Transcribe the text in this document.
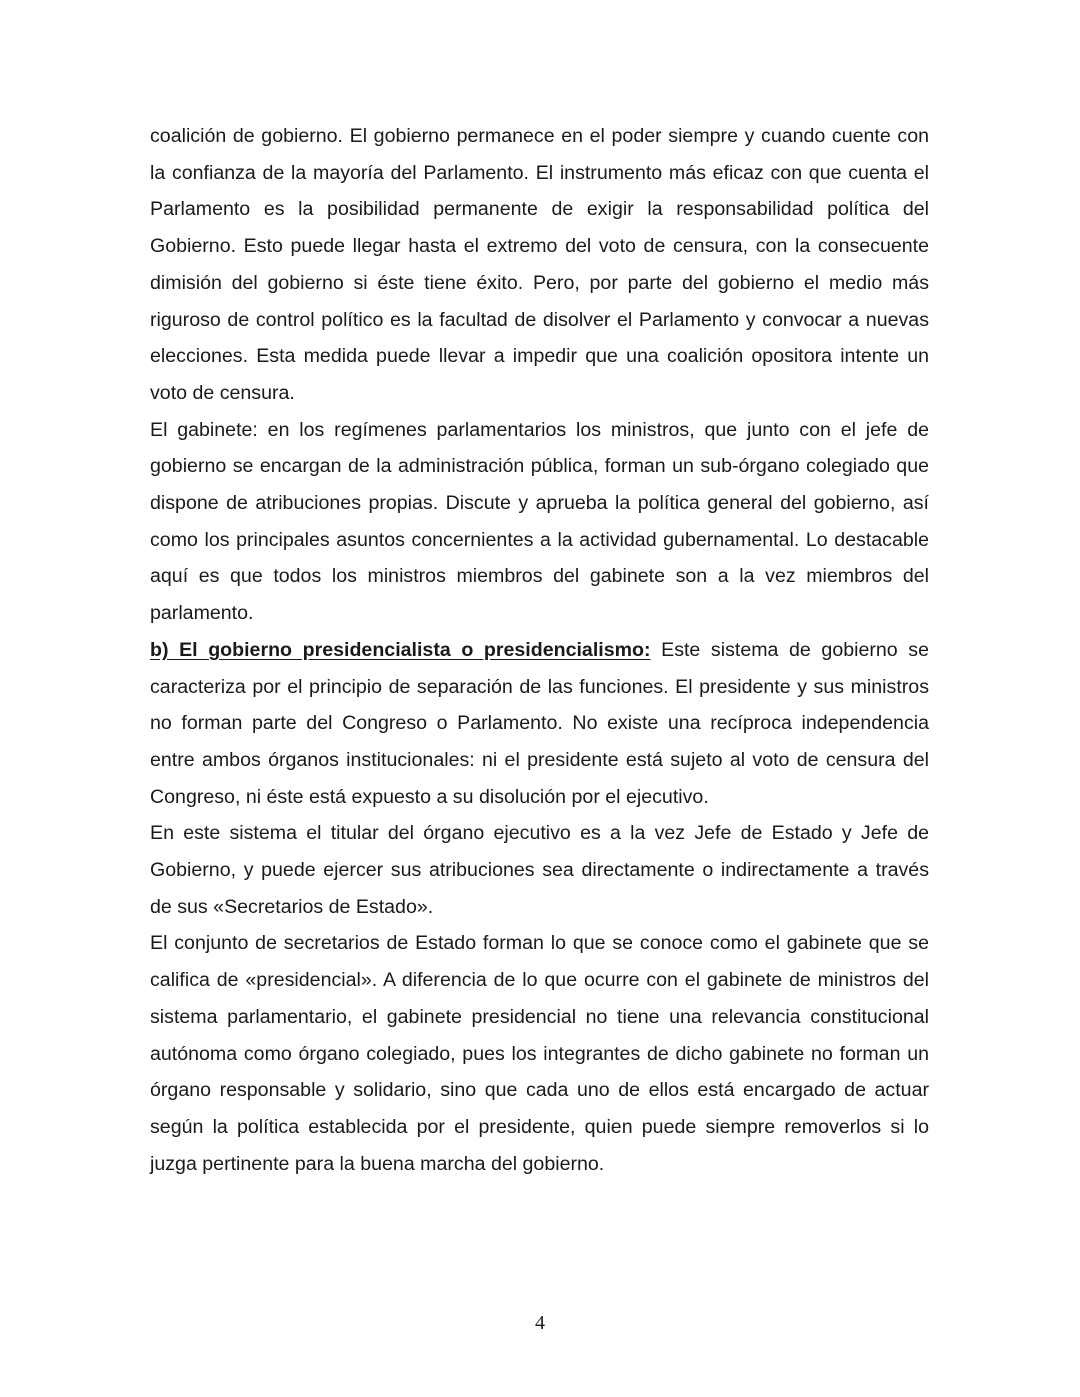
coalición de gobierno. El gobierno permanece en el poder siempre y cuando cuente con la confianza de la mayoría del Parlamento. El instrumento más eficaz con que cuenta el Parlamento es la posibilidad permanente de exigir la responsabilidad política del Gobierno. Esto puede llegar hasta el extremo del voto de censura, con la consecuente dimisión del gobierno si éste tiene éxito. Pero, por parte del gobierno el medio más riguroso de control político es la facultad de disolver el Parlamento y convocar a nuevas elecciones. Esta medida puede llevar a impedir que una coalición opositora intente un voto de censura.

El gabinete: en los regímenes parlamentarios los ministros, que junto con el jefe de gobierno se encargan de la administración pública, forman un sub-órgano colegiado que dispone de atribuciones propias. Discute y aprueba la política general del gobierno, así como los principales asuntos concernientes a la actividad gubernamental. Lo destacable aquí es que todos los ministros miembros del gabinete son a la vez miembros del parlamento.

b) El gobierno presidencialista o presidencialismo: Este sistema de gobierno se caracteriza por el principio de separación de las funciones. El presidente y sus ministros no forman parte del Congreso o Parlamento. No existe una recíproca independencia entre ambos órganos institucionales: ni el presidente está sujeto al voto de censura del Congreso, ni éste está expuesto a su disolución por el ejecutivo.

En este sistema el titular del órgano ejecutivo es a la vez Jefe de Estado y Jefe de Gobierno, y puede ejercer sus atribuciones sea directamente o indirectamente a través de sus «Secretarios de Estado».

El conjunto de secretarios de Estado forman lo que se conoce como el gabinete que se califica de «presidencial». A diferencia de lo que ocurre con el gabinete de ministros del sistema parlamentario, el gabinete presidencial no tiene una relevancia constitucional autónoma como órgano colegiado, pues los integrantes de dicho gabinete no forman un órgano responsable y solidario, sino que cada uno de ellos está encargado de actuar según la política establecida por el presidente, quien puede siempre removerlos si lo juzga pertinente para la buena marcha del gobierno.

4
